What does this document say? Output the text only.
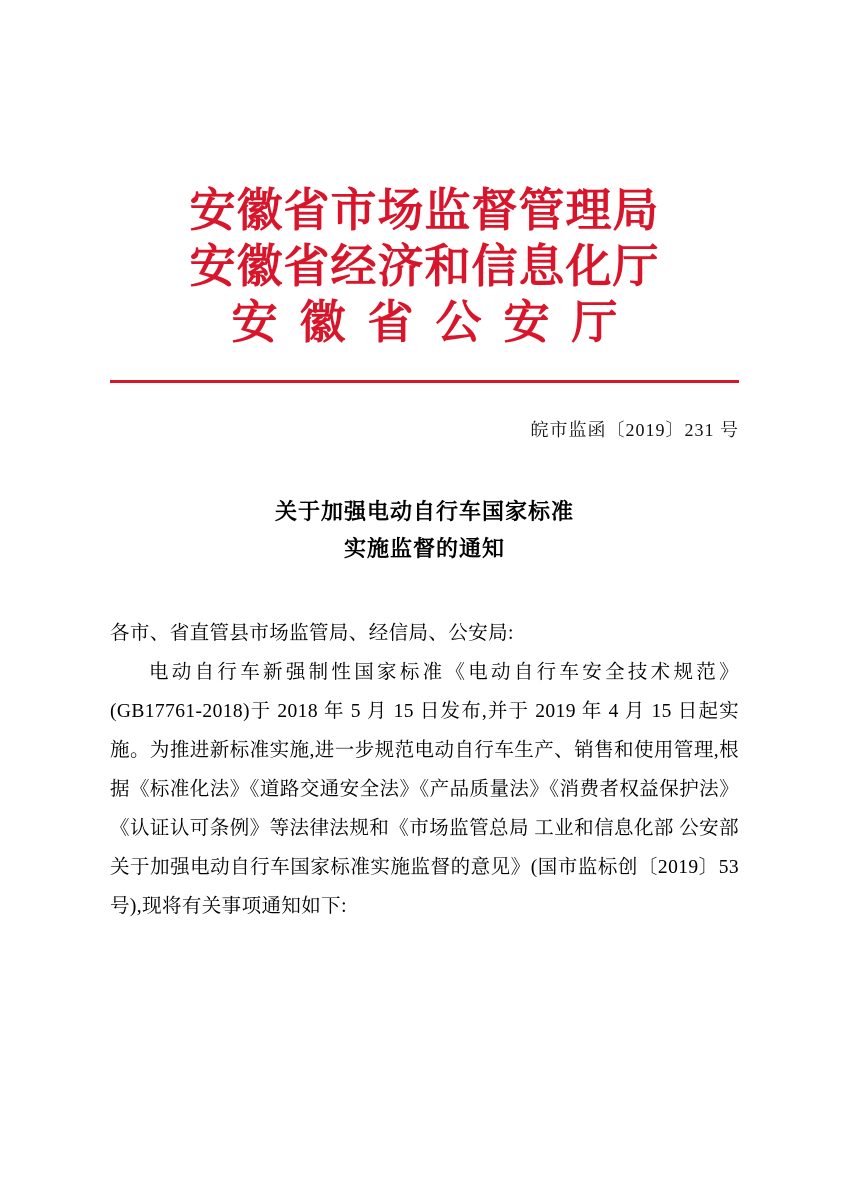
安徽省市场监督管理局
安徽省经济和信息化厅
安徽省公安厅
皖市监函〔2019〕231 号
关于加强电动自行车国家标准
实施监督的通知

各市、省直管县市场监管局、经信局、公安局:

电动自行车新强制性国家标准《电动自行车安全技术规范》(GB17761-2018)于 2018 年 5 月 15 日发布,并于 2019 年 4 月 15 日起实施。为推进新标准实施,进一步规范电动自行车生产、销售和使用管理,根据《标准化法》《道路交通安全法》《产品质量法》《消费者权益保护法》《认证认可条例》等法律法规和《市场监管总局 工业和信息化部 公安部关于加强电动自行车国家标准实施监督的意见》(国市监标创〔2019〕53 号),现将有关事项通知如下:
